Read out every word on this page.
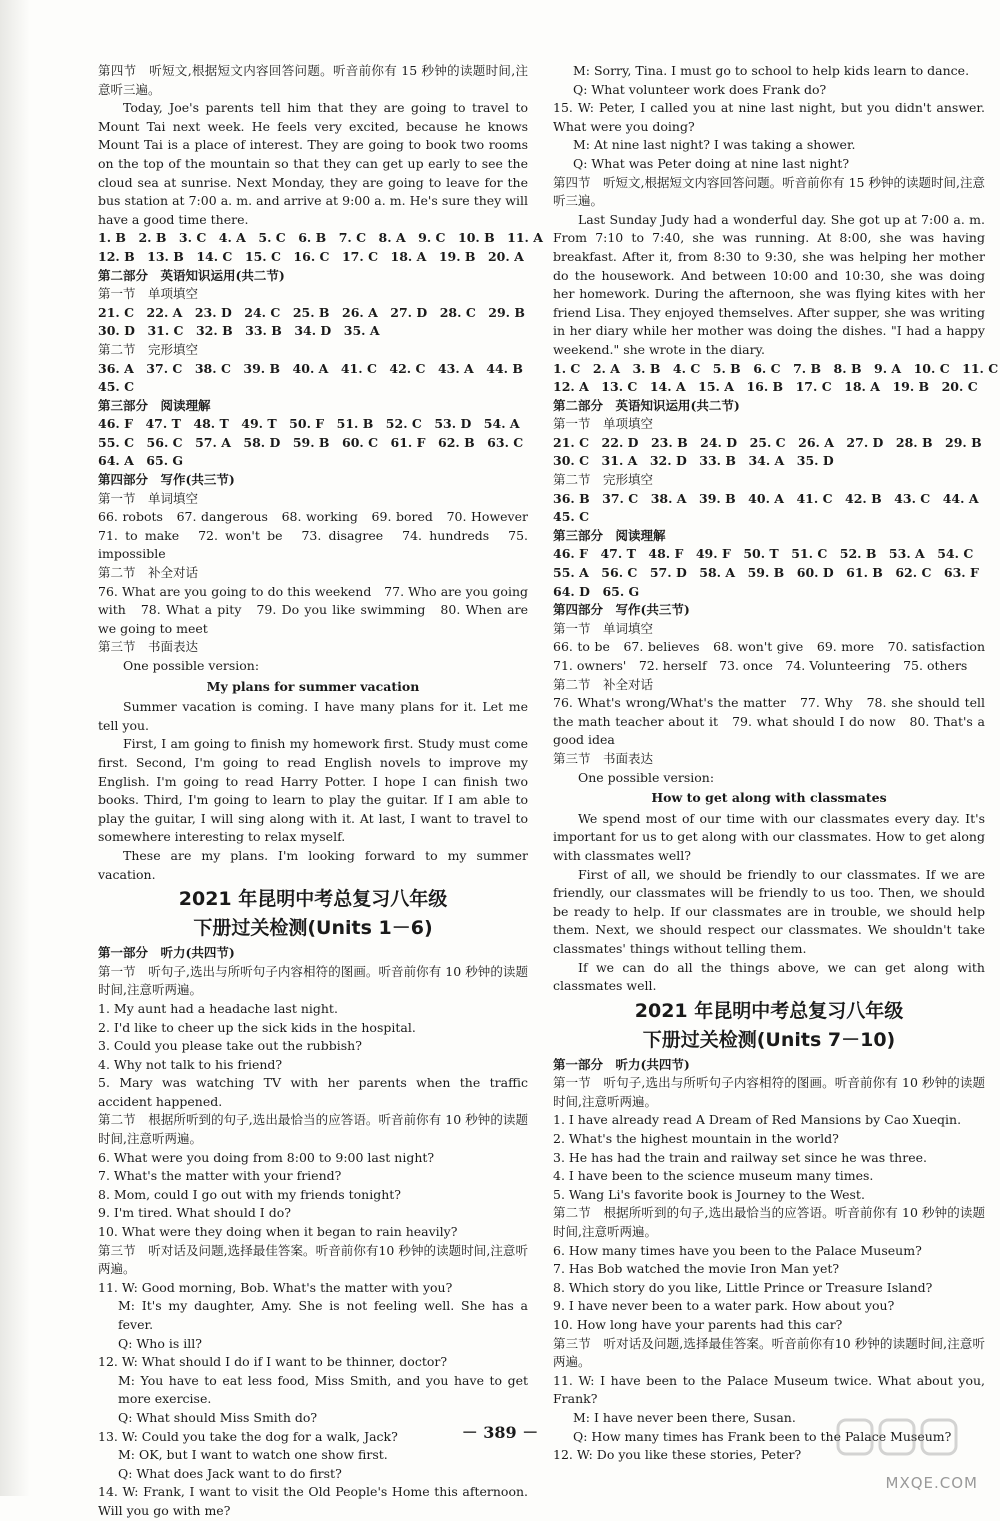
第四节　听短文,根据短文内容回答问题。听音前你有 15 秒钟的读题时间,注意听三遍。
Today, Joe's parents tell him that they are going to travel to Mount Tai next week. He feels very excited, because he knows Mount Tai is a place of interest. They are going to book two rooms on the top of the mountain so that they can get up early to see the cloud sea at sunrise. Next Monday, they are going to leave for the bus station at 7:00 a. m. and arrive at 9:00 a. m. He's sure they will have a good time there.
1. B　2. B　3. C　4. A　5. C　6. B　7. C　8. A　9. C　10. B　11. A
12. B　13. B　14. C　15. C　16. C　17. C　18. A　19. B　20. A
第二部分　英语知识运用(共二节)
第一节　单项填空
21. C　22. A　23. D　24. C　25. B　26. A　27. D　28. C　29. B
30. D　31. C　32. B　33. B　34. D　35. A
第二节　完形填空
36. A　37. C　38. C　39. B　40. A　41. C　42. C　43. A　44. B
45. C
第三部分　阅读理解
46. F　47. T　48. T　49. T　50. F　51. B　52. C　53. D　54. A
55. C　56. C　57. A　58. D　59. B　60. C　61. F　62. B　63. C
64. A　65. G
第四部分　写作(共三节)
第一节　单词填空
66. robots　67. dangerous　68. working　69. bored　70. However　71. to make　72. won't be　73. disagree　74. hundreds　75. impossible
第二节　补全对话
76. What are you going to do this weekend　77. Who are you going with　78. What a pity　79. Do you like swimming　80. When are we going to meet
第三节　书面表达
One possible version:
My plans for summer vacation
Summer vacation is coming. I have many plans for it. Let me tell you.
First, I am going to finish my homework first. Study must come first. Second, I'm going to read English novels to improve my English. I'm going to read Harry Potter. I hope I can finish two books. Third, I'm going to learn to play the guitar. If I am able to play the guitar, I will sing along with it. At last, I want to travel to somewhere interesting to relax myself.
These are my plans. I'm looking forward to my summer vacation.
2021 年昆明中考总复习八年级
下册过关检测(Units 1－6)
第一部分　听力(共四节)
第一节　听句子,选出与所听句子内容相符的图画。听音前你有 10 秒钟的读题时间,注意听两遍。
1. My aunt had a headache last night.
2. I'd like to cheer up the sick kids in the hospital.
3. Could you please take out the rubbish?
4. Why not talk to his friend?
5. Mary was watching TV with her parents when the traffic accident happened.
第二节　根据所听到的句子,选出最恰当的应答语。听音前你有 10 秒钟的读题时间,注意听两遍。
6. What were you doing from 8:00 to 9:00 last night?
7. What's the matter with your friend?
8. Mom, could I go out with my friends tonight?
9. I'm tired. What should I do?
10. What were they doing when it began to rain heavily?
第三节　听对话及问题,选择最佳答案。听音前你有10 秒钟的读题时间,注意听两遍。
11. W: Good morning, Bob. What's the matter with you?
M: It's my daughter, Amy. She is not feeling well. She has a fever.
Q: Who is ill?
12. W: What should I do if I want to be thinner, doctor?
M: You have to eat less food, Miss Smith, and you have to get more exercise.
Q: What should Miss Smith do?
13. W: Could you take the dog for a walk, Jack?
M: OK, but I want to watch one show first.
Q: What does Jack want to do first?
14. W: Frank, I want to visit the Old People's Home this afternoon. Will you go with me?
M: Sorry, Tina. I must go to school to help kids learn to dance.
Q: What volunteer work does Frank do?
15. W: Peter, I called you at nine last night, but you didn't answer. What were you doing?
M: At nine last night? I was taking a shower.
Q: What was Peter doing at nine last night?
第四节　听短文,根据短文内容回答问题。听音前你有 15 秒钟的读题时间,注意听三遍。
Last Sunday Judy had a wonderful day. She got up at 7:00 a. m. From 7:10 to 7:40, she was running. At 8:00, she was having breakfast. After it, from 8:30 to 9:30, she was helping her mother do the housework. And between 10:00 and 10:30, she was doing her homework. During the afternoon, she was flying kites with her friend Lisa. They enjoyed themselves. After supper, she was writing in her diary while her mother was doing the dishes. "I had a happy weekend." she wrote in the diary.
1. C　2. A　3. B　4. C　5. B　6. C　7. B　8. B　9. A　10. C　11. C
12. A　13. C　14. A　15. A　16. B　17. C　18. A　19. B　20. C
第二部分　英语知识运用(共二节)
第一节　单项填空
21. C　22. D　23. B　24. D　25. C　26. A　27. D　28. B　29. B
30. C　31. A　32. D　33. B　34. A　35. D
第二节　完形填空
36. B　37. C　38. A　39. B　40. A　41. C　42. B　43. C　44. A
45. C
第三部分　阅读理解
46. F　47. T　48. F　49. F　50. T　51. C　52. B　53. A　54. C
55. A　56. C　57. D　58. A　59. B　60. D　61. B　62. C　63. F
64. D　65. G
第四部分　写作(共三节)
第一节　单词填空
66. to be　67. believes　68. won't give　69. more　70. satisfaction　71. owners'　72. herself　73. once　74. Volunteering　75. others
第二节　补全对话
76. What's wrong/What's the matter　77. Why　78. she should tell the math teacher about it　79. what should I do now　80. That's a good idea
第三节　书面表达
One possible version:
How to get along with classmates
We spend most of our time with our classmates every day. It's important for us to get along with our classmates. How to get along with classmates well?
First of all, we should be friendly to our classmates. If we are friendly, our classmates will be friendly to us too. Then, we should be ready to help. If our classmates are in trouble, we should help them. Next, we should respect our classmates. We shouldn't take classmates' things without telling them.
If we can do all the things above, we can get along with classmates well.
2021 年昆明中考总复习八年级
下册过关检测(Units 7－10)
第一部分　听力(共四节)
第一节　听句子,选出与所听句子内容相符的图画。听音前你有 10 秒钟的读题时间,注意听两遍。
1. I have already read A Dream of Red Mansions by Cao Xueqin.
2. What's the highest mountain in the world?
3. He has had the train and railway set since he was three.
4. I have been to the science museum many times.
5. Wang Li's favorite book is Journey to the West.
第二节　根据所听到的句子,选出最恰当的应答语。听音前你有 10 秒钟的读题时间,注意听两遍。
6. How many times have you been to the Palace Museum?
7. Has Bob watched the movie Iron Man yet?
8. Which story do you like, Little Prince or Treasure Island?
9. I have never been to a water park. How about you?
10. How long have your parents had this car?
第三节　听对话及问题,选择最佳答案。听音前你有10 秒钟的读题时间,注意听两遍。
11. W: I have been to the Palace Museum twice. What about you, Frank?
M: I have never been there, Susan.
Q: How many times has Frank been to the Palace Museum?
12. W: Do you like these stories, Peter?
－ 389 －
MXQE.COM
